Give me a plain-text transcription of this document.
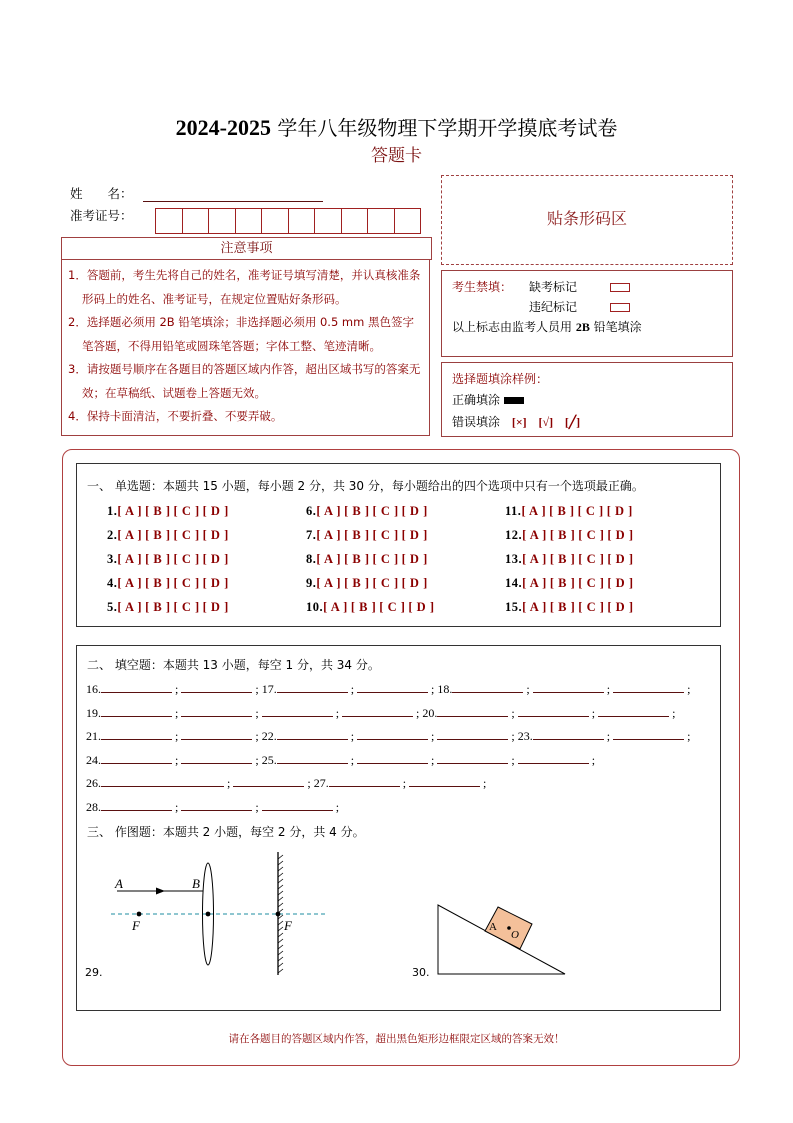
2024-2025 学年八年级物理下学期开学摸底考试卷
答题卡
姓　　名：
准考证号：
注意事项

1．答题前，考生先将自己的姓名，准考证号填写清楚，并认真核准条形码上的姓名、准考证号，在规定位置贴好条形码。

2．选择题必须用 2B 铅笔填涂；非选择题必须用 0.5 mm 黑色签字笔答题，不得用铅笔或圆珠笔答题；字体工整、笔迹清晰。

3．请按题号顺序在各题目的答题区域内作答，超出区域书写的答案无效；在草稿纸、试题卷上答题无效。

4．保持卡面清洁，不要折叠、不要弄破。

贴条形码区
考生禁填： 缺考标记
违纪标记
以上标志由监考人员用 2B 铅笔填涂
选择题填涂样例：
正确填涂
错误填涂 [×] [√] [╱]
一、 单选题：本题共 15 小题，每小题 2 分，共 30 分，每小题给出的四个选项中只有一个选项最正确。
1.[ A ] [ B ] [ C ] [ D ]
2.[ A ] [ B ] [ C ] [ D ]
3.[ A ] [ B ] [ C ] [ D ]
4.[ A ] [ B ] [ C ] [ D ]
5.[ A ] [ B ] [ C ] [ D ]
6.[ A ] [ B ] [ C ] [ D ]
7.[ A ] [ B ] [ C ] [ D ]
8.[ A ] [ B ] [ C ] [ D ]
9.[ A ] [ B ] [ C ] [ D ]
10.[ A ] [ B ] [ C ] [ D ]
11.[ A ] [ B ] [ C ] [ D ]
12.[ A ] [ B ] [ C ] [ D ]
13.[ A ] [ B ] [ C ] [ D ]
14.[ A ] [ B ] [ C ] [ D ]
15.[ A ] [ B ] [ C ] [ D ]
二、 填空题：本题共 13 小题，每空 1 分，共 34 分。
三、 作图题：本题共 2 小题，每空 2 分，共 4 分。
16.	;	; 17.	;	; 18.	;	;	;
19.	;	;	;	; 20.	;	;	;
21.	;	; 22.	;	;	; 23.	;	;
24.	;	; 25.	;	;	;	;
26.	;	; 27.	;	;
28.	;	;	;
A	B
F	F
29.
A
O
30.
请在各题目的答题区域内作答，超出黑色矩形边框限定区域的答案无效！
